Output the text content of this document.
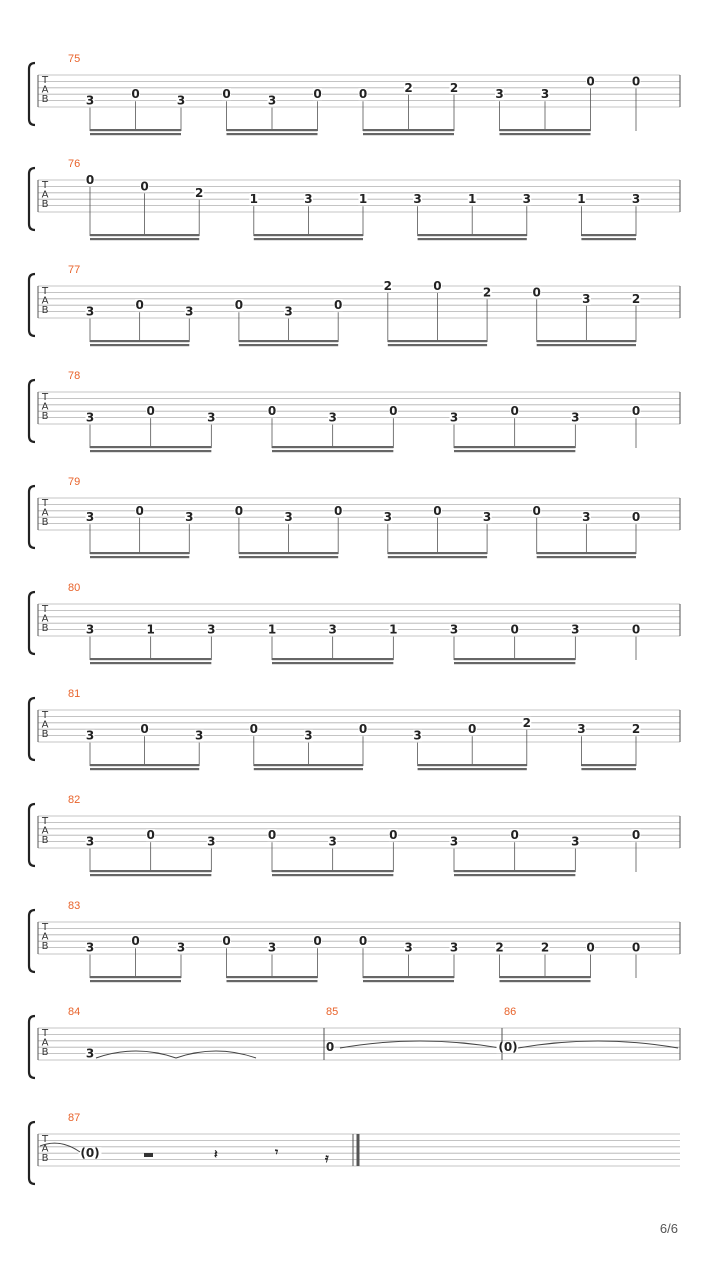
T
A
B
75
3	0	3	0	3	0	0	2	2	3	3
0	0
T
A
B
76
0	0	2	1	3	1	3	1	3	1	3
T
A
B
77
3	0	3	0	3	0
2	0	2	0	3	2
T
A
B
78
3	0	3	0	3	0	3	0	3	0
T
A
B
79
3	0	3	0	3	0	3	0	3	0	3	0
T
A
B
80
3	1	3	1	3	1	3	0	3	0
T
A
B
81
3	0	3	0	3	0	3	0	2	3	2
T
A
B
82
3	0	3	0	3	0	3	0	3	0
T
A
B
83
3	0	3	0	3	0	0	3	3	2	2	0	0
T
A
B
84
3
85
0
86
(0)
T
A
B
87
(0)	𝄽	𝄾	𝄿
6/6
